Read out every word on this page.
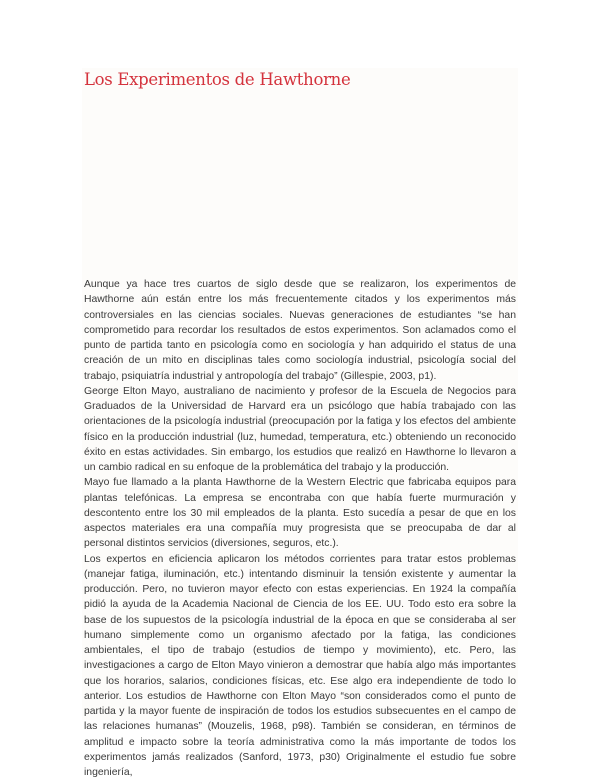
Los Experimentos de Hawthorne

Aunque ya hace tres cuartos de siglo desde que se realizaron, los experimentos de Hawthorne aún están entre los más frecuentemente citados y los experimentos más controversiales en las ciencias sociales. Nuevas generaciones de estudiantes “se han comprometido para recordar los resultados de estos experimentos. Son aclamados como el punto de partida tanto en psicología como en sociología y han adquirido el status de una creación de un mito en disciplinas tales como sociología industrial, psicología social del trabajo, psiquiatría industrial y antropología del trabajo” (Gillespie, 2003, p1).

George Elton Mayo, australiano de nacimiento y profesor de la Escuela de Negocios para Graduados de la Universidad de Harvard era un psicólogo que había trabajado con las orientaciones de la psicología industrial (preocupación por la fatiga y los efectos del ambiente físico en la producción industrial (luz, humedad, temperatura, etc.) obteniendo un reconocido éxito en estas actividades. Sin embargo, los estudios que realizó en Hawthorne lo llevaron a un cambio radical en su enfoque de la problemática del trabajo y la producción.

Mayo fue llamado a la planta Hawthorne de la Western Electric que fabricaba equipos para plantas telefónicas. La empresa se encontraba con que había fuerte murmuración y descontento entre los 30 mil empleados de la planta. Esto sucedía a pesar de que en los aspectos materiales era una compañía muy progresista que se preocupaba de dar al personal distintos servicios (diversiones, seguros, etc.).

Los expertos en eficiencia aplicaron los métodos corrientes para tratar estos problemas (manejar fatiga, iluminación, etc.) intentando disminuir la tensión existente y aumentar la producción. Pero, no tuvieron mayor efecto con estas experiencias. En 1924 la compañía pidió la ayuda de la Academia Nacional de Ciencia de los EE. UU. Todo esto era sobre la base de los supuestos de la psicología industrial de la época en que se consideraba al ser humano simplemente como un organismo afectado por la fatiga, las condiciones ambientales, el tipo de trabajo (estudios de tiempo y movimiento), etc. Pero, las investigaciones a cargo de Elton Mayo vinieron a demostrar que había algo más importantes que los horarios, salarios, condiciones físicas, etc. Ese algo era independiente de todo lo anterior. Los estudios de Hawthorne con Elton Mayo “son considerados como el punto de partida y la mayor fuente de inspiración de todos los estudios subsecuentes en el campo de las relaciones humanas” (Mouzelis, 1968, p98). También se consideran, en términos de amplitud e impacto sobre la teoría administrativa como la más importante de todos los experimentos jamás realizados (Sanford, 1973, p30) Originalmente el estudio fue sobre ingeniería,
